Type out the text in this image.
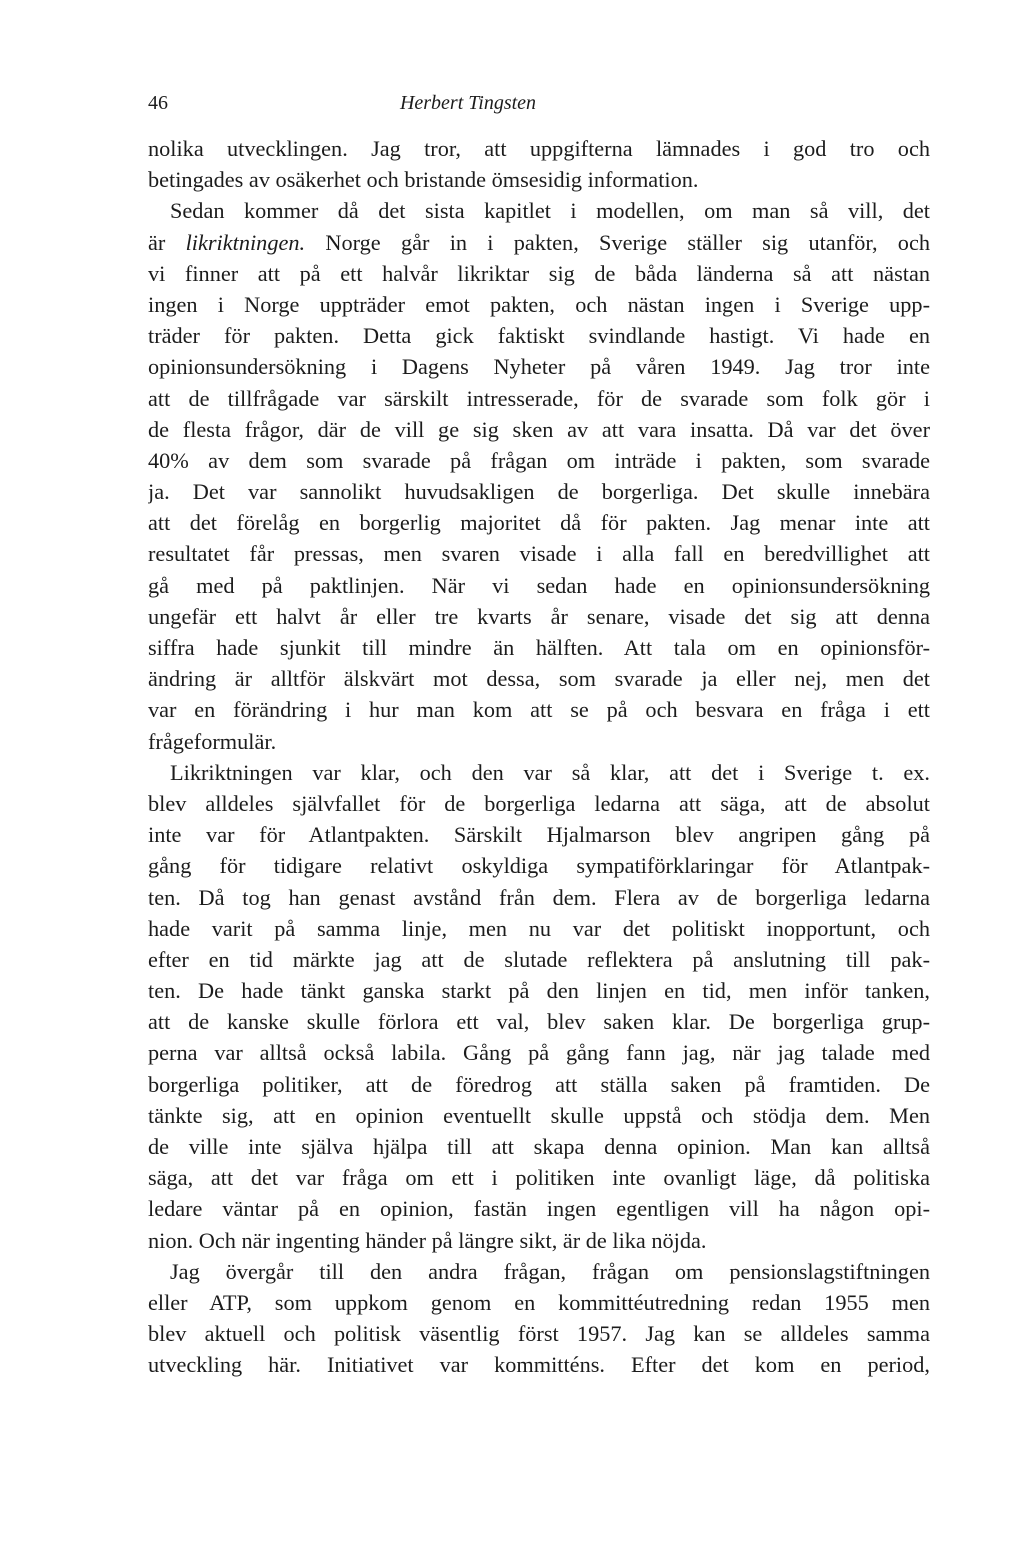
46	Herbert Tingsten
nolika utvecklingen. Jag tror, att uppgifterna lämnades i god tro och
betingades av osäkerhet och bristande ömsesidig information.
Sedan kommer då det sista kapitlet i modellen, om man så vill, det
är likriktningen. Norge går in i pakten, Sverige ställer sig utanför, och
vi finner att på ett halvår likriktar sig de båda länderna så att nästan
ingen i Norge uppträder emot pakten, och nästan ingen i Sverige upp-
träder för pakten. Detta gick faktiskt svindlande hastigt. Vi hade en
opinionsundersökning i Dagens Nyheter på våren 1949. Jag tror inte
att de tillfrågade var särskilt intresserade, för de svarade som folk gör i
de flesta frågor, där de vill ge sig sken av att vara insatta. Då var det över
40% av dem som svarade på frågan om inträde i pakten, som svarade
ja. Det var sannolikt huvudsakligen de borgerliga. Det skulle innebära
att det förelåg en borgerlig majoritet då för pakten. Jag menar inte att
resultatet får pressas, men svaren visade i alla fall en beredvillighet att
gå med på paktlinjen. När vi sedan hade en opinionsundersökning
ungefär ett halvt år eller tre kvarts år senare, visade det sig att denna
siffra hade sjunkit till mindre än hälften. Att tala om en opinionsför-
ändring är alltför älskvärt mot dessa, som svarade ja eller nej, men det
var en förändring i hur man kom att se på och besvara en fråga i ett
frågeformulär.
Likriktningen var klar, och den var så klar, att det i Sverige t. ex.
blev alldeles självfallet för de borgerliga ledarna att säga, att de absolut
inte var för Atlantpakten. Särskilt Hjalmarson blev angripen gång på
gång för tidigare relativt oskyldiga sympatiförklaringar för Atlantpak-
ten. Då tog han genast avstånd från dem. Flera av de borgerliga ledarna
hade varit på samma linje, men nu var det politiskt inopportunt, och
efter en tid märkte jag att de slutade reflektera på anslutning till pak-
ten. De hade tänkt ganska starkt på den linjen en tid, men inför tanken,
att de kanske skulle förlora ett val, blev saken klar. De borgerliga grup-
perna var alltså också labila. Gång på gång fann jag, när jag talade med
borgerliga politiker, att de föredrog att ställa saken på framtiden. De
tänkte sig, att en opinion eventuellt skulle uppstå och stödja dem. Men
de ville inte själva hjälpa till att skapa denna opinion. Man kan alltså
säga, att det var fråga om ett i politiken inte ovanligt läge, då politiska
ledare väntar på en opinion, fastän ingen egentligen vill ha någon opi-
nion. Och när ingenting händer på längre sikt, är de lika nöjda.
Jag övergår till den andra frågan, frågan om pensionslagstiftningen
eller ATP, som uppkom genom en kommittéutredning redan 1955 men
blev aktuell och politisk väsentlig först 1957. Jag kan se alldeles samma
utveckling här. Initiativet var kommitténs. Efter det kom en period,
